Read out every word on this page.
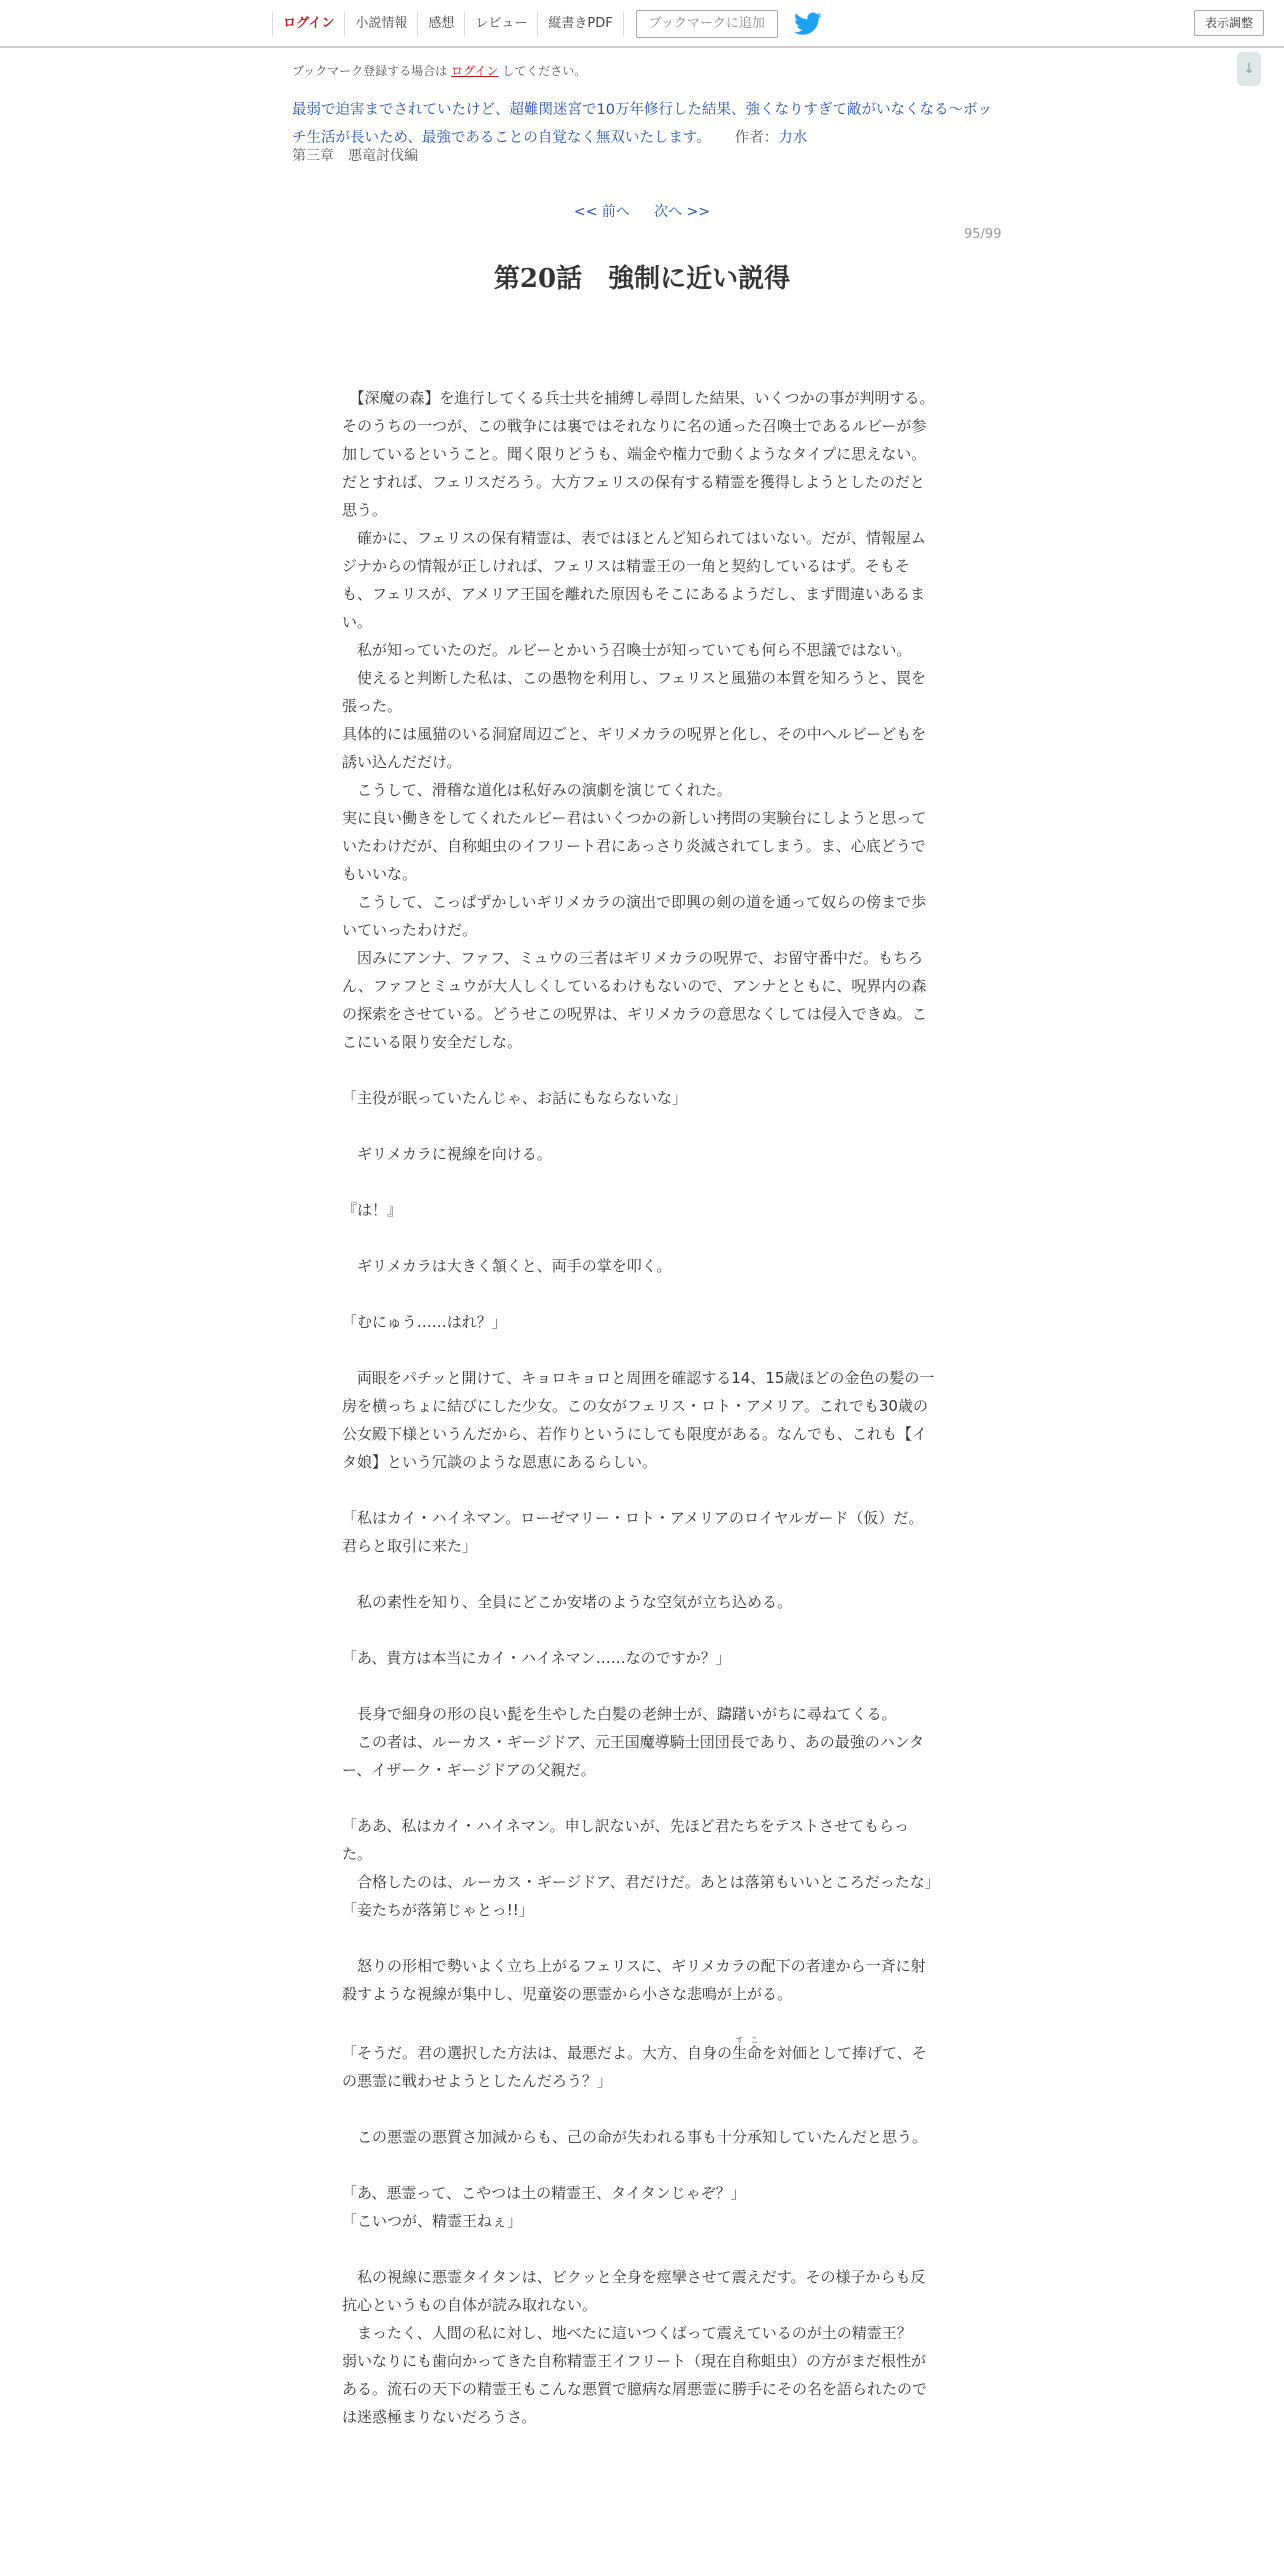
ログイン	小説情報	感想	レビュー	縦書きPDF	ブックマークに追加	表示調整
↓
ブックマーク登録する場合は ログイン してください。
最弱で迫害までされていたけど、超難関迷宮で10万年修行した結果、強くなりすぎて敵がいなくなる～ボッチ生活が長いため、最強であることの自覚なく無双いたします。 作者：力水
第三章　悪竜討伐編
<< 前へ 次へ >>
95/99
第20話　強制に近い説得

　【深魔の森】を進行してくる兵士共を捕縛し尋問した結果、いくつかの事が判明する。

そのうちの一つが、この戦争には裏ではそれなりに名の通った召喚士であるルビーが参加しているということ。聞く限りどうも、端金や権力で動くようなタイプに思えない。だとすれば、フェリスだろう。大方フェリスの保有する精霊を獲得しようとしたのだと思う。

　確かに、フェリスの保有精霊は、表ではほとんど知られてはいない。だが、情報屋ムジナからの情報が正しければ、フェリスは精霊王の一角と契約しているはず。そもそも、フェリスが、アメリア王国を離れた原因もそこにあるようだし、まず間違いあるまい。

　私が知っていたのだ。ルビーとかいう召喚士が知っていても何ら不思議ではない。

　使えると判断した私は、この愚物を利用し、フェリスと風猫の本質を知ろうと、罠を張った。

具体的には風猫のいる洞窟周辺ごと、ギリメカラの呪界と化し、その中へルビーどもを誘い込んだだけ。

　こうして、滑稽な道化は私好みの演劇を演じてくれた。

実に良い働きをしてくれたルビー君はいくつかの新しい拷問の実験台にしようと思っていたわけだが、自称蛆虫のイフリート君にあっさり炎滅されてしまう。ま、心底どうでもいいな。

　こうして、こっぱずかしいギリメカラの演出で即興の剣の道を通って奴らの傍まで歩いていったわけだ。

　因みにアンナ、ファフ、ミュウの三者はギリメカラの呪界で、お留守番中だ。もちろん、ファフとミュウが大人しくしているわけもないので、アンナとともに、呪界内の森の探索をさせている。どうせこの呪界は、ギリメカラの意思なくしては侵入できぬ。ここにいる限り安全だしな。

「主役が眠っていたんじゃ、お話にもならないな」

　ギリメカラに視線を向ける。

『は！』

　ギリメカラは大きく頷くと、両手の掌を叩く。

「むにゅう……はれ？」

　両眼をパチッと開けて、キョロキョロと周囲を確認する14、15歳ほどの金色の髪の一房を横っちょに結びにした少女。この女がフェリス・ロト・アメリア。これでも30歳の公女殿下様というんだから、若作りというにしても限度がある。なんでも、これも【イタ娘】という冗談のような恩恵にあるらしい。

「私はカイ・ハイネマン。ローゼマリー・ロト・アメリアのロイヤルガード（仮）だ。君らと取引に来た」

　私の素性を知り、全員にどこか安堵のような空気が立ち込める。

「あ、貴方は本当にカイ・ハイネマン……なのですか？」

　長身で細身の形の良い髭を生やした白髪の老紳士が、躊躇いがちに尋ねてくる。

　この者は、ルーカス・ギージドア、元王国魔導騎士団団長であり、あの最強のハンター、イザーク・ギージドアの父親だ。

「ああ、私はカイ・ハイネマン。申し訳ないが、先ほど君たちをテストさせてもらった。

　合格したのは、ルーカス・ギージドア、君だけだ。あとは落第もいいところだったな」

「妾たちが落第じゃとっ!!」

　怒りの形相で勢いよく立ち上がるフェリスに、ギリメカラの配下の者達から一斉に射殺すような視線が集中し、児童姿の悪霊から小さな悲鳴が上がる。

「そうだ。君の選択した方法は、最悪だよ。大方、自身の生命すこを対価として捧げて、その悪霊に戦わせようとしたんだろう？」

　この悪霊の悪質さ加減からも、己の命が失われる事も十分承知していたんだと思う。

「あ、悪霊って、こやつは土の精霊王、タイタンじゃぞ？」

「こいつが、精霊王ねぇ」

　私の視線に悪霊タイタンは、ビクッと全身を痙攣させて震えだす。その様子からも反抗心というもの自体が読み取れない。

　まったく、人間の私に対し、地べたに這いつくばって震えているのが土の精霊王？　弱いなりにも歯向かってきた自称精霊王イフリート（現在自称蛆虫）の方がまだ根性がある。流石の天下の精霊王もこんな悪質で臆病な屑悪霊に勝手にその名を語られたのでは迷惑極まりないだろうさ。
